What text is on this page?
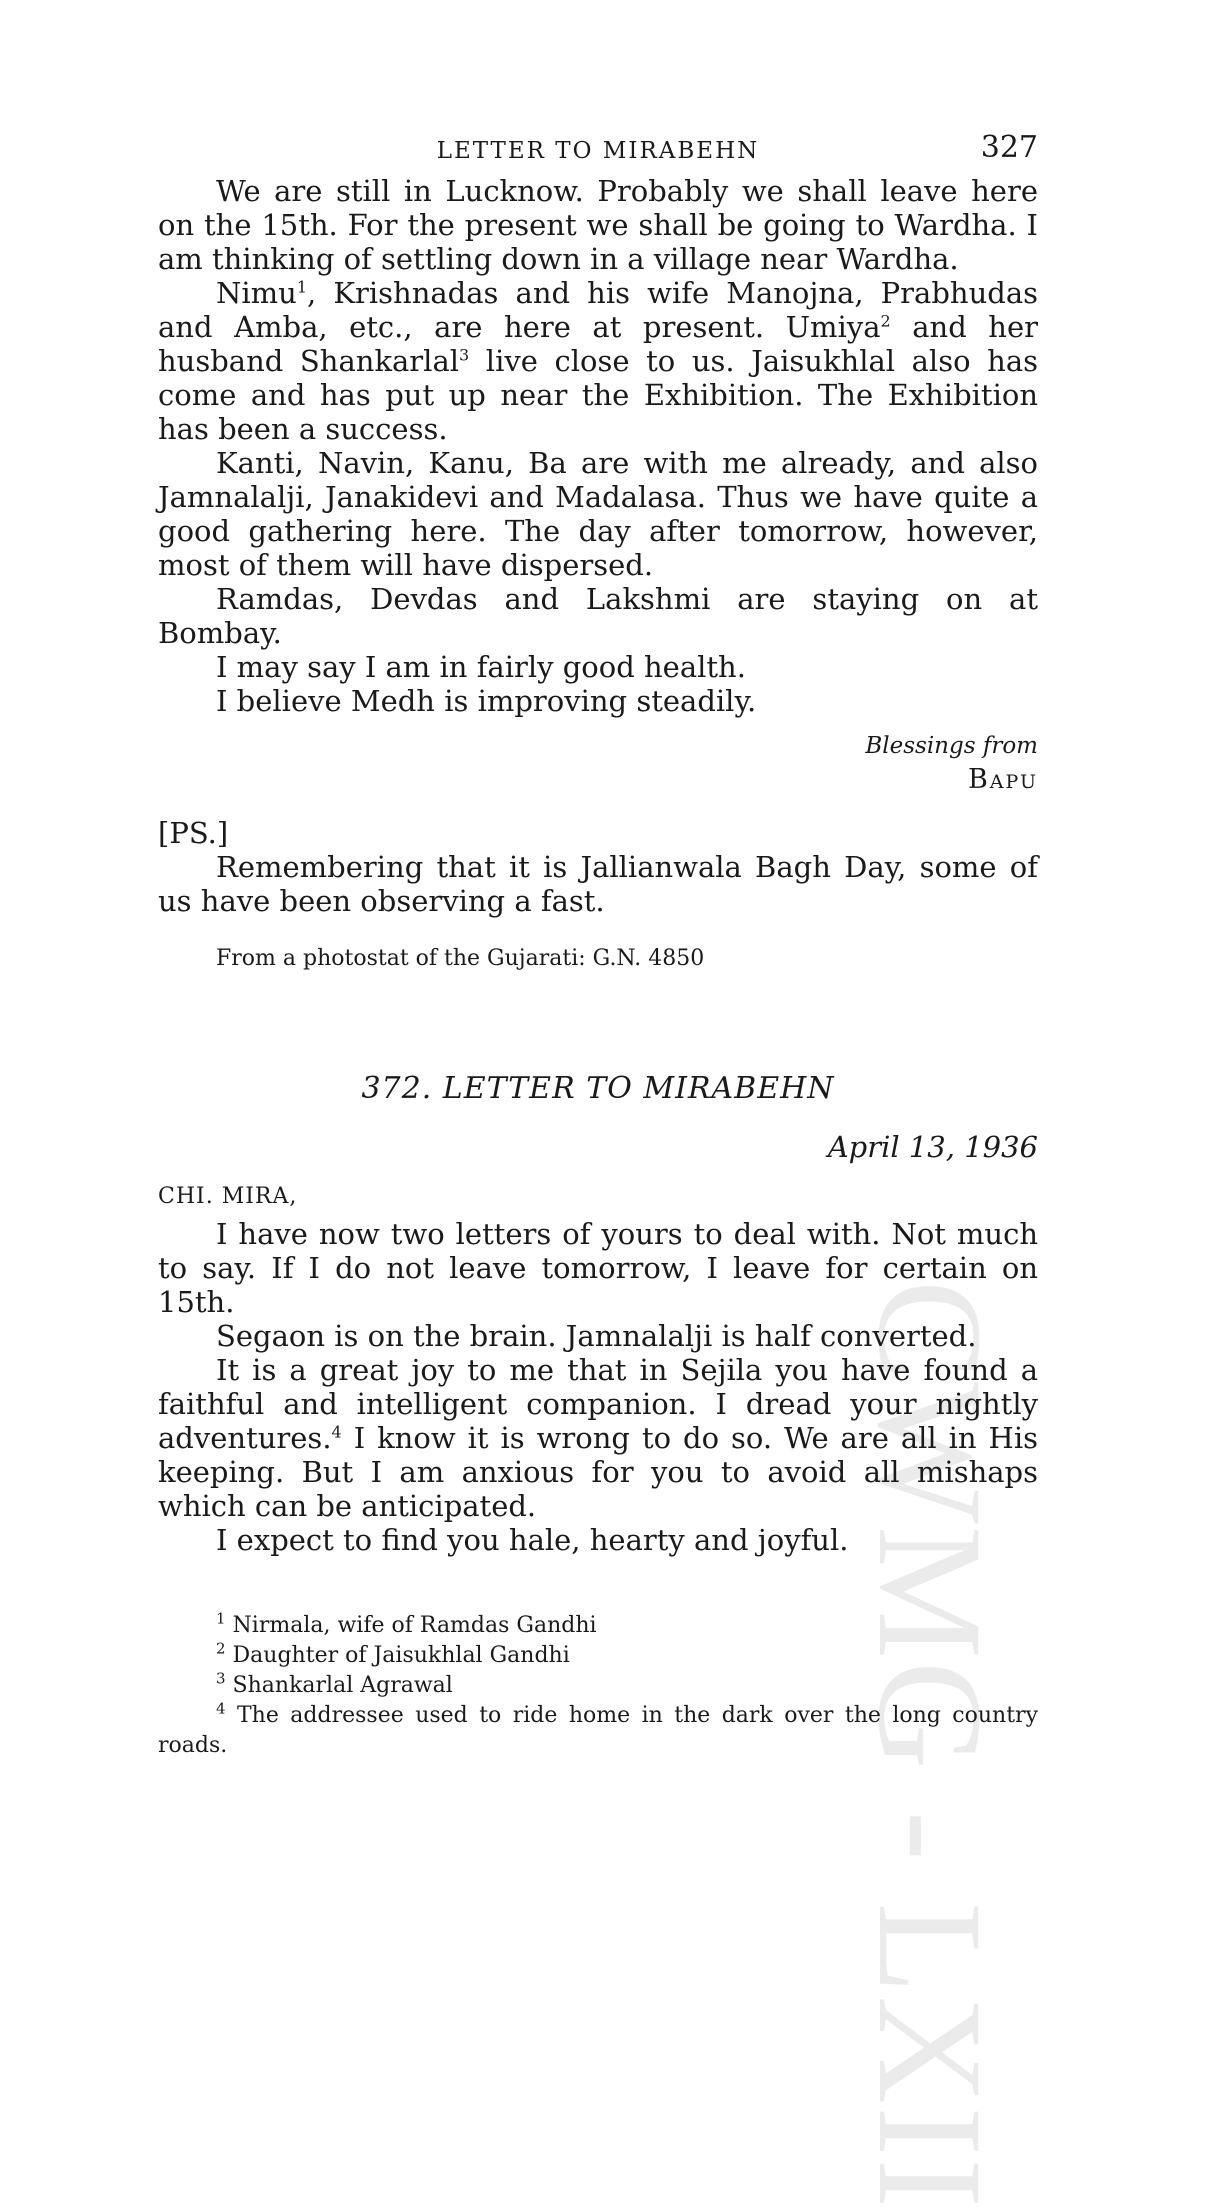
CWMG - LXII
LETTER TO MIRABEHN	327

We are still in Lucknow. Probably we shall leave here on the 15th. For the present we shall be going to Wardha. I am thinking of settling down in a village near Wardha.

Nimu$^1$, Krishnadas and his wife Manojna, Prabhudas and Amba, etc., are here at present. Umiya$^2$ and her husband Shankarlal$^3$ live close to us. Jaisukhlal also has come and has put up near the Exhibition. The Exhibition has been a success.

Kanti, Navin, Kanu, Ba are with me already, and also Jamnalalji, Janakidevi and Madalasa. Thus we have quite a good gathering here. The day after tomorrow, however, most of them will have dispersed.

Ramdas, Devdas and Lakshmi are staying on at Bombay.

I may say I am in fairly good health.

I believe Medh is improving steadily.

Blessings from
Bapu
[PS.]

Remembering that it is Jallianwala Bagh Day, some of us have been observing a fast.

From a photostat of the Gujarati: G.N. 4850
372. LETTER TO MIRABEHN
April 13, 1936
CHI. MIRA,

I have now two letters of yours to deal with. Not much to say. If I do not leave tomorrow, I leave for certain on 15th.

Segaon is on the brain. Jamnalalji is half converted.

It is a great joy to me that in Sejila you have found a faithful and intelligent companion. I dread your nightly adventures.$^4$ I know it is wrong to do so. We are all in His keeping. But I am anxious for you to avoid all mishaps which can be anticipated.

I expect to find you hale, hearty and joyful.

$^1$ Nirmala, wife of Ramdas Gandhi
$^2$ Daughter of Jaisukhlal Gandhi
$^3$ Shankarlal Agrawal
$^4$ The addressee used to ride home in the dark over the long country roads.
